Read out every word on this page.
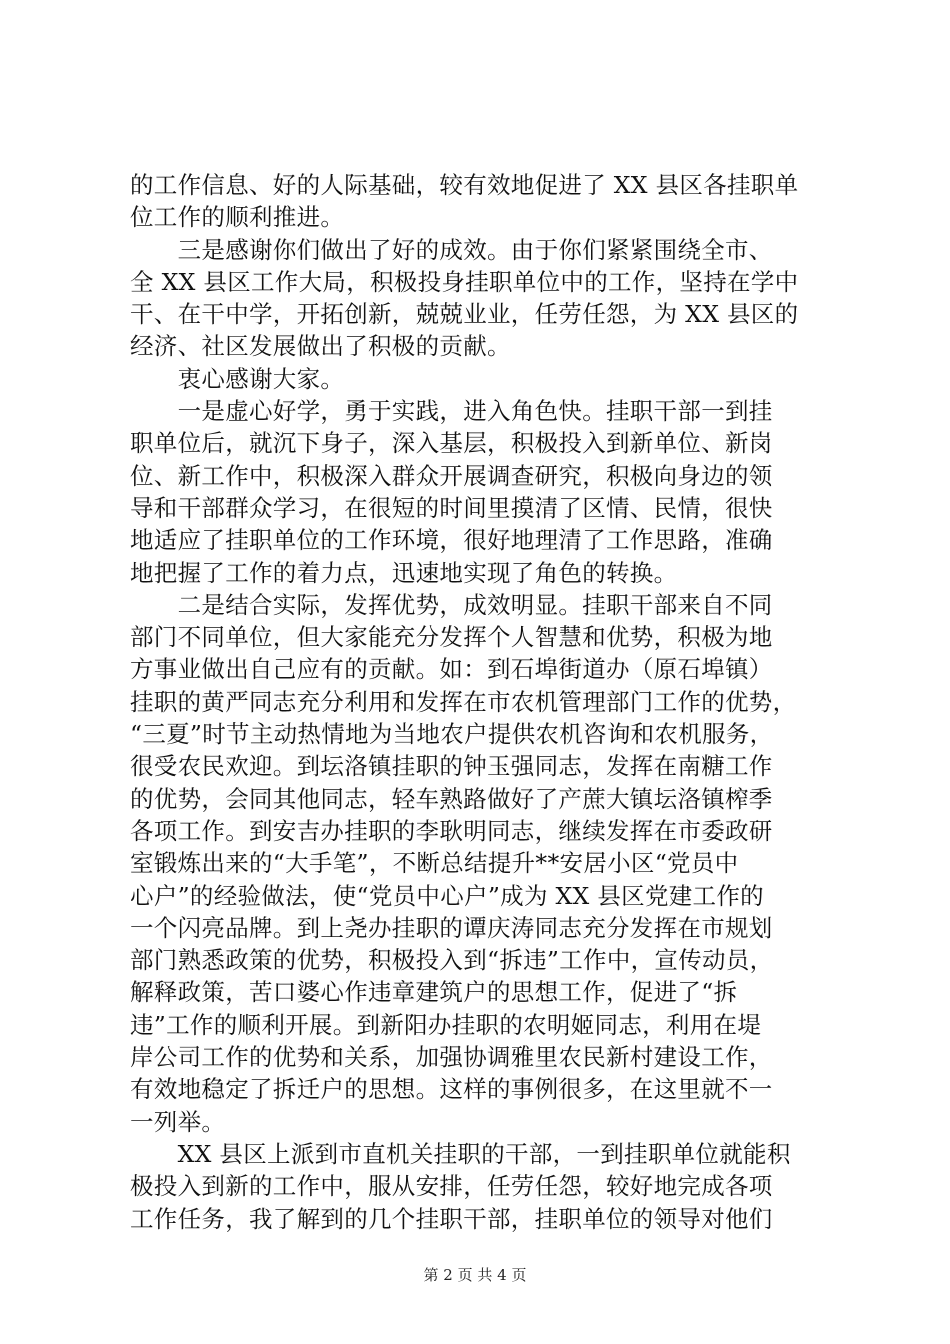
的工作信息、好的人际基础，较有效地促进了 XX 县区各挂职单
位工作的顺利推进。
　　三是感谢你们做出了好的成效。由于你们紧紧围绕全市、
全 XX 县区工作大局，积极投身挂职单位中的工作，坚持在学中
干、在干中学，开拓创新，兢兢业业，任劳任怨，为 XX 县区的
经济、社区发展做出了积极的贡献。
　　衷心感谢大家。
　　一是虚心好学，勇于实践，进入角色快。挂职干部一到挂
职单位后，就沉下身子，深入基层，积极投入到新单位、新岗
位、新工作中，积极深入群众开展调查研究，积极向身边的领
导和干部群众学习，在很短的时间里摸清了区情、民情，很快
地适应了挂职单位的工作环境，很好地理清了工作思路，准确
地把握了工作的着力点，迅速地实现了角色的转换。
　　二是结合实际，发挥优势，成效明显。挂职干部来自不同
部门不同单位，但大家能充分发挥个人智慧和优势，积极为地
方事业做出自己应有的贡献。如：到石埠街道办（原石埠镇）
挂职的黄严同志充分利用和发挥在市农机管理部门工作的优势，
“三夏”时节主动热情地为当地农户提供农机咨询和农机服务，
很受农民欢迎。到坛洛镇挂职的钟玉强同志，发挥在南糖工作
的优势，会同其他同志，轻车熟路做好了产蔗大镇坛洛镇榨季
各项工作。到安吉办挂职的李耿明同志，继续发挥在市委政研
室锻炼出来的“大手笔”，不断总结提升**安居小区“党员中
心户”的经验做法，使“党员中心户”成为 XX 县区党建工作的
一个闪亮品牌。到上尧办挂职的谭庆涛同志充分发挥在市规划
部门熟悉政策的优势，积极投入到“拆违”工作中，宣传动员，
解释政策，苦口婆心作违章建筑户的思想工作，促进了“拆
违”工作的顺利开展。到新阳办挂职的农明姬同志，利用在堤
岸公司工作的优势和关系，加强协调雅里农民新村建设工作，
有效地稳定了拆迁户的思想。这样的事例很多，在这里就不一
一列举。
　　XX 县区上派到市直机关挂职的干部，一到挂职单位就能积
极投入到新的工作中，服从安排，任劳任怨，较好地完成各项
工作任务，我了解到的几个挂职干部，挂职单位的领导对他们
第 2 页 共 4 页
